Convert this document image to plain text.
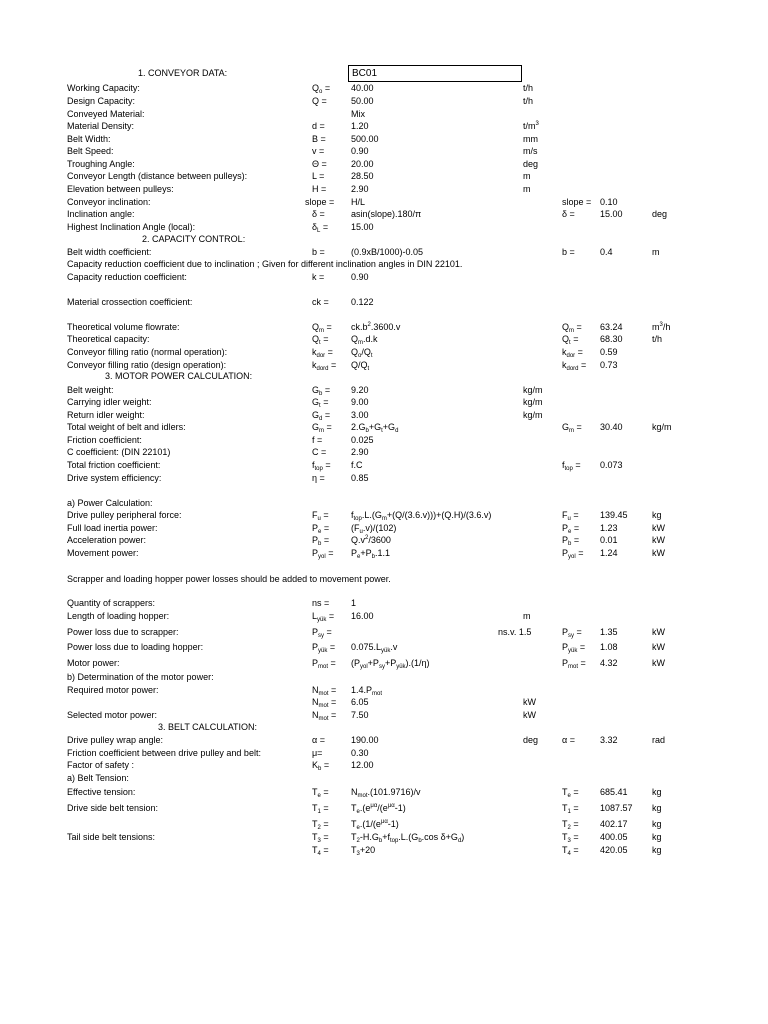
1. CONVEYOR DATA:	BC01
Working Capacity:	$Q_o = 40.00$	t/h
Design Capacity:	Q =	50.00	t/h
Conveyed Material:	Mix
Material Density:	d =	1.20	$t/m^3$
Belt Width:	B =	500.00	mm
Belt Speed:	v =	0.90	m/s
Troughing Angle:	Θ =	20.00	deg
Conveyor Length (distance between pulleys):	L =	28.50	m
Elevation between pulleys:	H =	2.90	m
Conveyor inclination:	slope = H/L	slope = 0.10
Inclination angle:	δ =	asin(slope).180/π	δ =	15.00	deg
Highest Inclination Angle (local):	$\delta_L$ =	15.00
2. CAPACITY CONTROL:
Belt width coefficient:	b =	(0.9xB/1000)-0.05	b =	0.4	m
Capacity reduction coefficient due to inclination ; Given for different inclination angles in DIN 22101.
Capacity reduction coefficient:	k =	0.90
Material crossection coefficient:	ck = 0.122
Theoretical volume flowrate:	$Q_m = ck.b^2.3600.v$	$Q_m = 63.24$	$m^3/h$
Theoretical capacity:	$Q_t$ =	$Q_m.d.k$	$Q_t = 68.30$	t/h
Conveyor filling ratio (normal operation):	$k_{dor} = Q_o/Q_t$	$k_{dor} = 0.59$
Conveyor filling ratio (design operation):	$k_{dord} = Q/Q_t$	$k_{dord} = 0.73$
3. MOTOR POWER CALCULATION:
Belt weight:	$G_b = 9.20$	kg/m
Carrying idler weight:	$G_t$ =	9.00	kg/m
Return idler weight:	$G_d = 3.00$	kg/m
Total weight of belt and idlers:	$G_m = 2.G_b+G_t+G_d$	$G_m = 30.40$	kg/m
Friction coefficient:	f =	0.025
C coefficient: (DIN 22101)	C =	2.90
Total friction coefficient:	$f_{top} = f.C$	$f_{top} = 0.073$
Drive system efficiency:	η =	0.85
a) Power Calculation:
Drive pulley peripheral force:	$F_u = f_{top}.L.(G_m+(Q/(3.6.v)))+(Q.H)/(3.6.v)$	$F_u = 139.45$	kg
Full load inertia power:	$P_e = (F_u.v)/(102)$	$P_e = 1.23$	kW
Acceleration power:	$P_b = Q.v^2/3600$	$P_b = 0.01$	kW
Movement power:	$P_{yol} = P_e+P_b.1.1$	$P_{yol} = 1.24$	kW
Scrapper and loading hopper power losses should be added to movement power.
Quantity of scrappers:	ns = 1
Length of loading hopper:	$L_{yük} = 16.00$	m
Power loss due to scrapper:	$P_{sy}$ =	ns.v. 1.5	$P_{sy} = 1.35$	kW
Power loss due to loading hopper:	$P_{yük} = 0.075.L_{yük}.v$	$P_{yük} = 1.08$	kW
Motor power:	$P_{mot} = (P_{yol}+P_{sy}+P_{yük}).(1/\eta)$	$P_{mot} = 4.32$	kW
b) Determination of the motor power:
Required motor power:	$N_{mot} = 1.4.P_{mot}$
$N_{mot} = 6.05$	kW
Selected motor power:	$N_{mot} = 7.50$	kW
3. BELT CALCULATION:
Drive pulley wrap angle:	α =	190.00	deg	α =	3.32	rad
Friction coefficient between drive pulley and belt:	μ=	0.30
Factor of safety :	$K_b = 12.00$
a) Belt Tension:
Effective tension:	$T_e = N_{mot}.(101.9716)/v$	$T_e = 685.41$	kg
Drive side belt tension:	$T_1 = T_e.(e^{\mu\alpha}/(e^{\mu\alpha}-1)$	$T_1 = 1087.57$ kg
$T_2 = T_e.(1/(e^{\mu\alpha}-1)$	$T_2 = 402.17$	kg
Tail side belt tensions:	$T_3 = T_2-H.G_b+f_{top}.L.(G_b.\cos$ $\delta+G_d$)	$T_3 = 400.05$	kg
$T_4 = T_3+20$	$T_4 = 420.05$	kg
